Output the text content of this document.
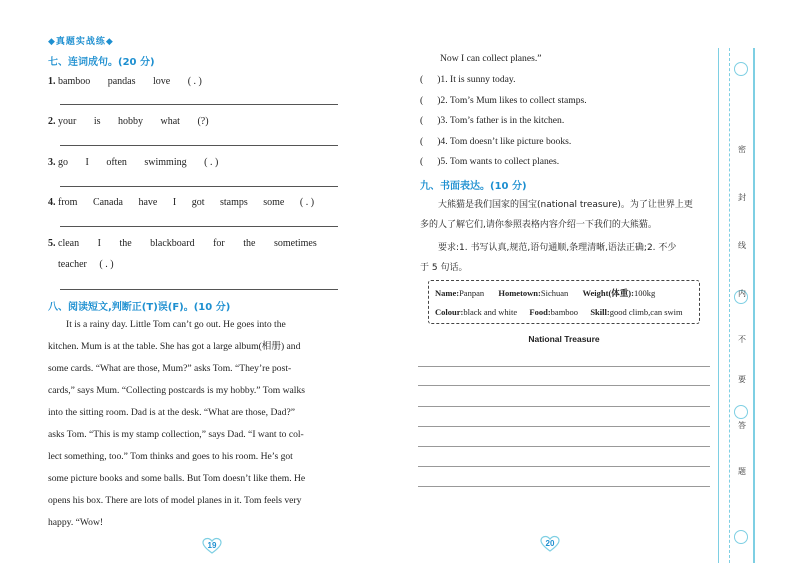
◆真题实战练◆
七、连词成句。(20 分)
1. bamboo pandas love ( . )
2. your is hobby what (?)
3. go I often swimming ( . )
4. from Canada have I got stamps some ( . )
5. clean I the blackboard for the sometimes
teacher ( . )
八、阅读短文,判断正(T)误(F)。(10 分)
It is a rainy day. Little Tom can’t go out. He goes into the
kitchen. Mum is at the table. She has got a large album(相册) and
some cards. “What are those, Mum?” asks Tom. “They’re post-
cards,” says Mum. “Collecting postcards is my hobby.” Tom walks
into the sitting room. Dad is at the desk. “What are those, Dad?”
asks Tom. “This is my stamp collection,” says Dad. “I want to col-
lect something, too.” Tom thinks and goes to his room. He’s got
some picture books and some balls. But Tom doesn’t like them. He
opens his box. There are lots of model planes in it. Tom feels very
happy. “Wow!
19
Now I can collect planes.”
( )1. It is sunny today.
( )2. Tom’s Mum likes to collect stamps.
( )3. Tom’s father is in the kitchen.
( )4. Tom doesn’t like picture books.
( )5. Tom wants to collect planes.
九、书面表达。(10 分)
大熊猫是我们国家的国宝(national treasure)。为了让世界上更
多的人了解它们,请你参照表格内容介绍一下我们的大熊猫。
要求:1. 书写认真,规范,语句通顺,条理清晰,语法正确;2. 不少
于 5 句话。
Name:Panpan Hometown:Sichuan Weight(体重):100kg
Colour:black and white Food:bamboo Skill:good climb,can swim
National Treasure
20
密
封
线
内
不
要
答
题
